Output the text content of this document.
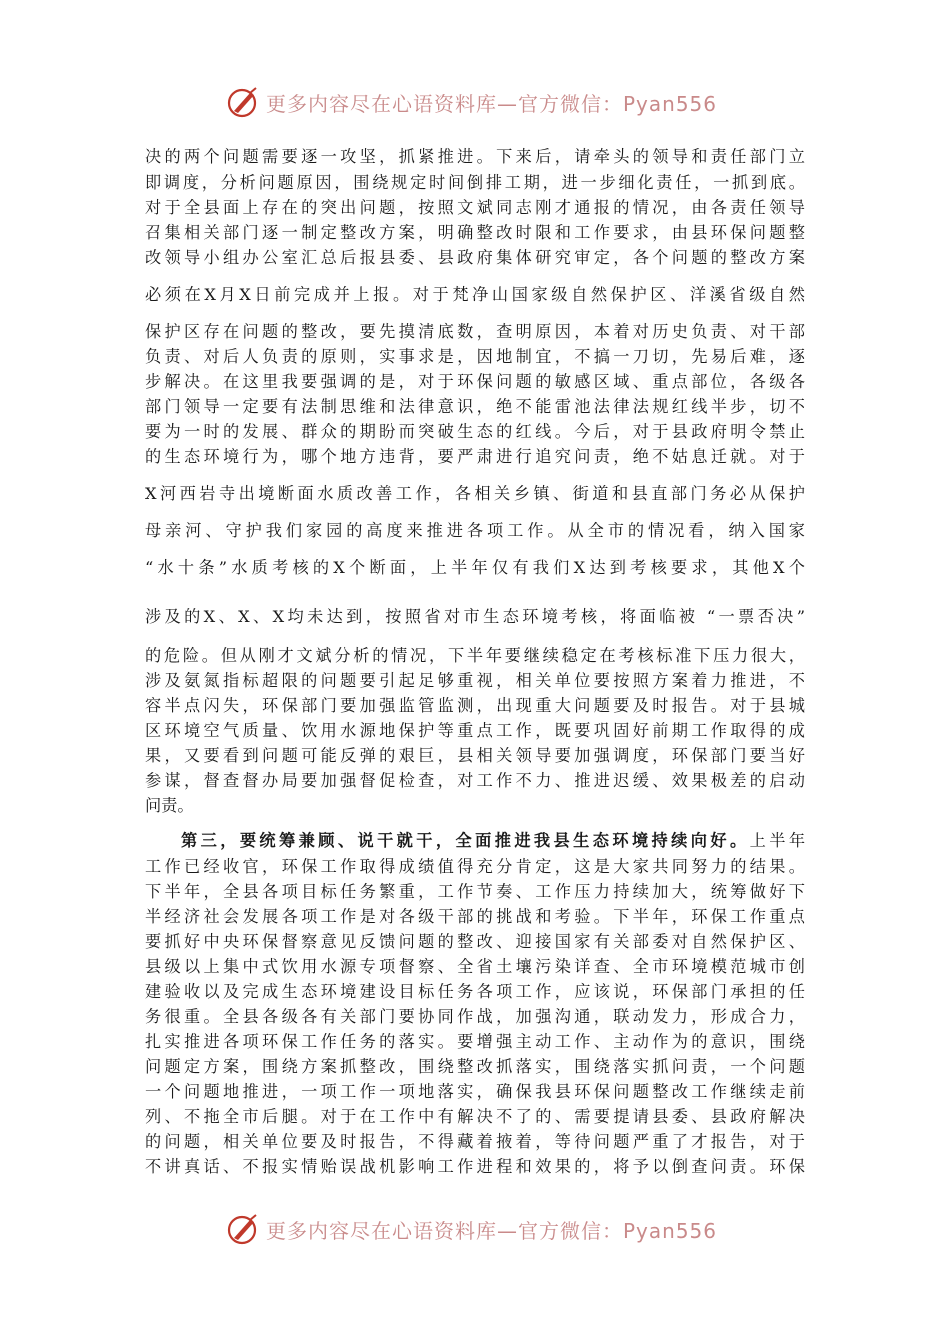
更多内容尽在心语资料库—官方微信：Pyan556
决的两个问题需要逐一攻坚，抓紧推进。下来后，请牵头的领导和责任部门立
即调度，分析问题原因，围绕规定时间倒排工期，进一步细化责任，一抓到底。
对于全县面上存在的突出问题，按照文斌同志刚才通报的情况，由各责任领导
召集相关部门逐一制定整改方案，明确整改时限和工作要求，由县环保问题整
改领导小组办公室汇总后报县委、县政府集体研究审定，各个问题的整改方案
必须在X月X日前完成并上报。对于梵净山国家级自然保护区、洋溪省级自然
保护区存在问题的整改，要先摸清底数，查明原因，本着对历史负责、对干部
负责、对后人负责的原则，实事求是，因地制宜，不搞一刀切，先易后难，逐
步解决。在这里我要强调的是，对于环保问题的敏感区域、重点部位，各级各
部门领导一定要有法制思维和法律意识，绝不能雷池法律法规红线半步，切不
要为一时的发展、群众的期盼而突破生态的红线。今后，对于县政府明令禁止
的生态环境行为，哪个地方违背，要严肃进行追究问责，绝不姑息迁就。对于
X河西岩寺出境断面水质改善工作，各相关乡镇、街道和县直部门务必从保护
母亲河、守护我们家园的高度来推进各项工作。从全市的情况看，纳入国家
“水十条”水质考核的X个断面，上半年仅有我们X达到考核要求，其他X个
涉及的X、X、X均未达到，按照省对市生态环境考核，将面临被 “一票否决”
的危险。但从刚才文斌分析的情况，下半年要继续稳定在考核标准下压力很大，
涉及氨氮指标超限的问题要引起足够重视，相关单位要按照方案着力推进，不
容半点闪失，环保部门要加强监管监测，出现重大问题要及时报告。对于县城
区环境空气质量、饮用水源地保护等重点工作，既要巩固好前期工作取得的成
果，又要看到问题可能反弹的艰巨，县相关领导要加强调度，环保部门要当好
参谋，督查督办局要加强督促检查，对工作不力、推进迟缓、效果极差的启动
问责。
第三，要统筹兼顾、说干就干，全面推进我县生态环境持续向好。上半年
工作已经收官，环保工作取得成绩值得充分肯定，这是大家共同努力的结果。
下半年，全县各项目标任务繁重，工作节奏、工作压力持续加大，统筹做好下
半经济社会发展各项工作是对各级干部的挑战和考验。下半年，环保工作重点
要抓好中央环保督察意见反馈问题的整改、迎接国家有关部委对自然保护区、
县级以上集中式饮用水源专项督察、全省土壤污染详查、全市环境模范城市创
建验收以及完成生态环境建设目标任务各项工作，应该说，环保部门承担的任
务很重。全县各级各有关部门要协同作战，加强沟通，联动发力，形成合力，
扎实推进各项环保工作任务的落实。要增强主动工作、主动作为的意识，围绕
问题定方案，围绕方案抓整改，围绕整改抓落实，围绕落实抓问责，一个问题
一个问题地推进，一项工作一项地落实，确保我县环保问题整改工作继续走前
列、不拖全市后腿。对于在工作中有解决不了的、需要提请县委、县政府解决
的问题，相关单位要及时报告，不得藏着掖着，等待问题严重了才报告，对于
不讲真话、不报实情贻误战机影响工作进程和效果的，将予以倒查问责。环保
更多内容尽在心语资料库—官方微信：Pyan556
